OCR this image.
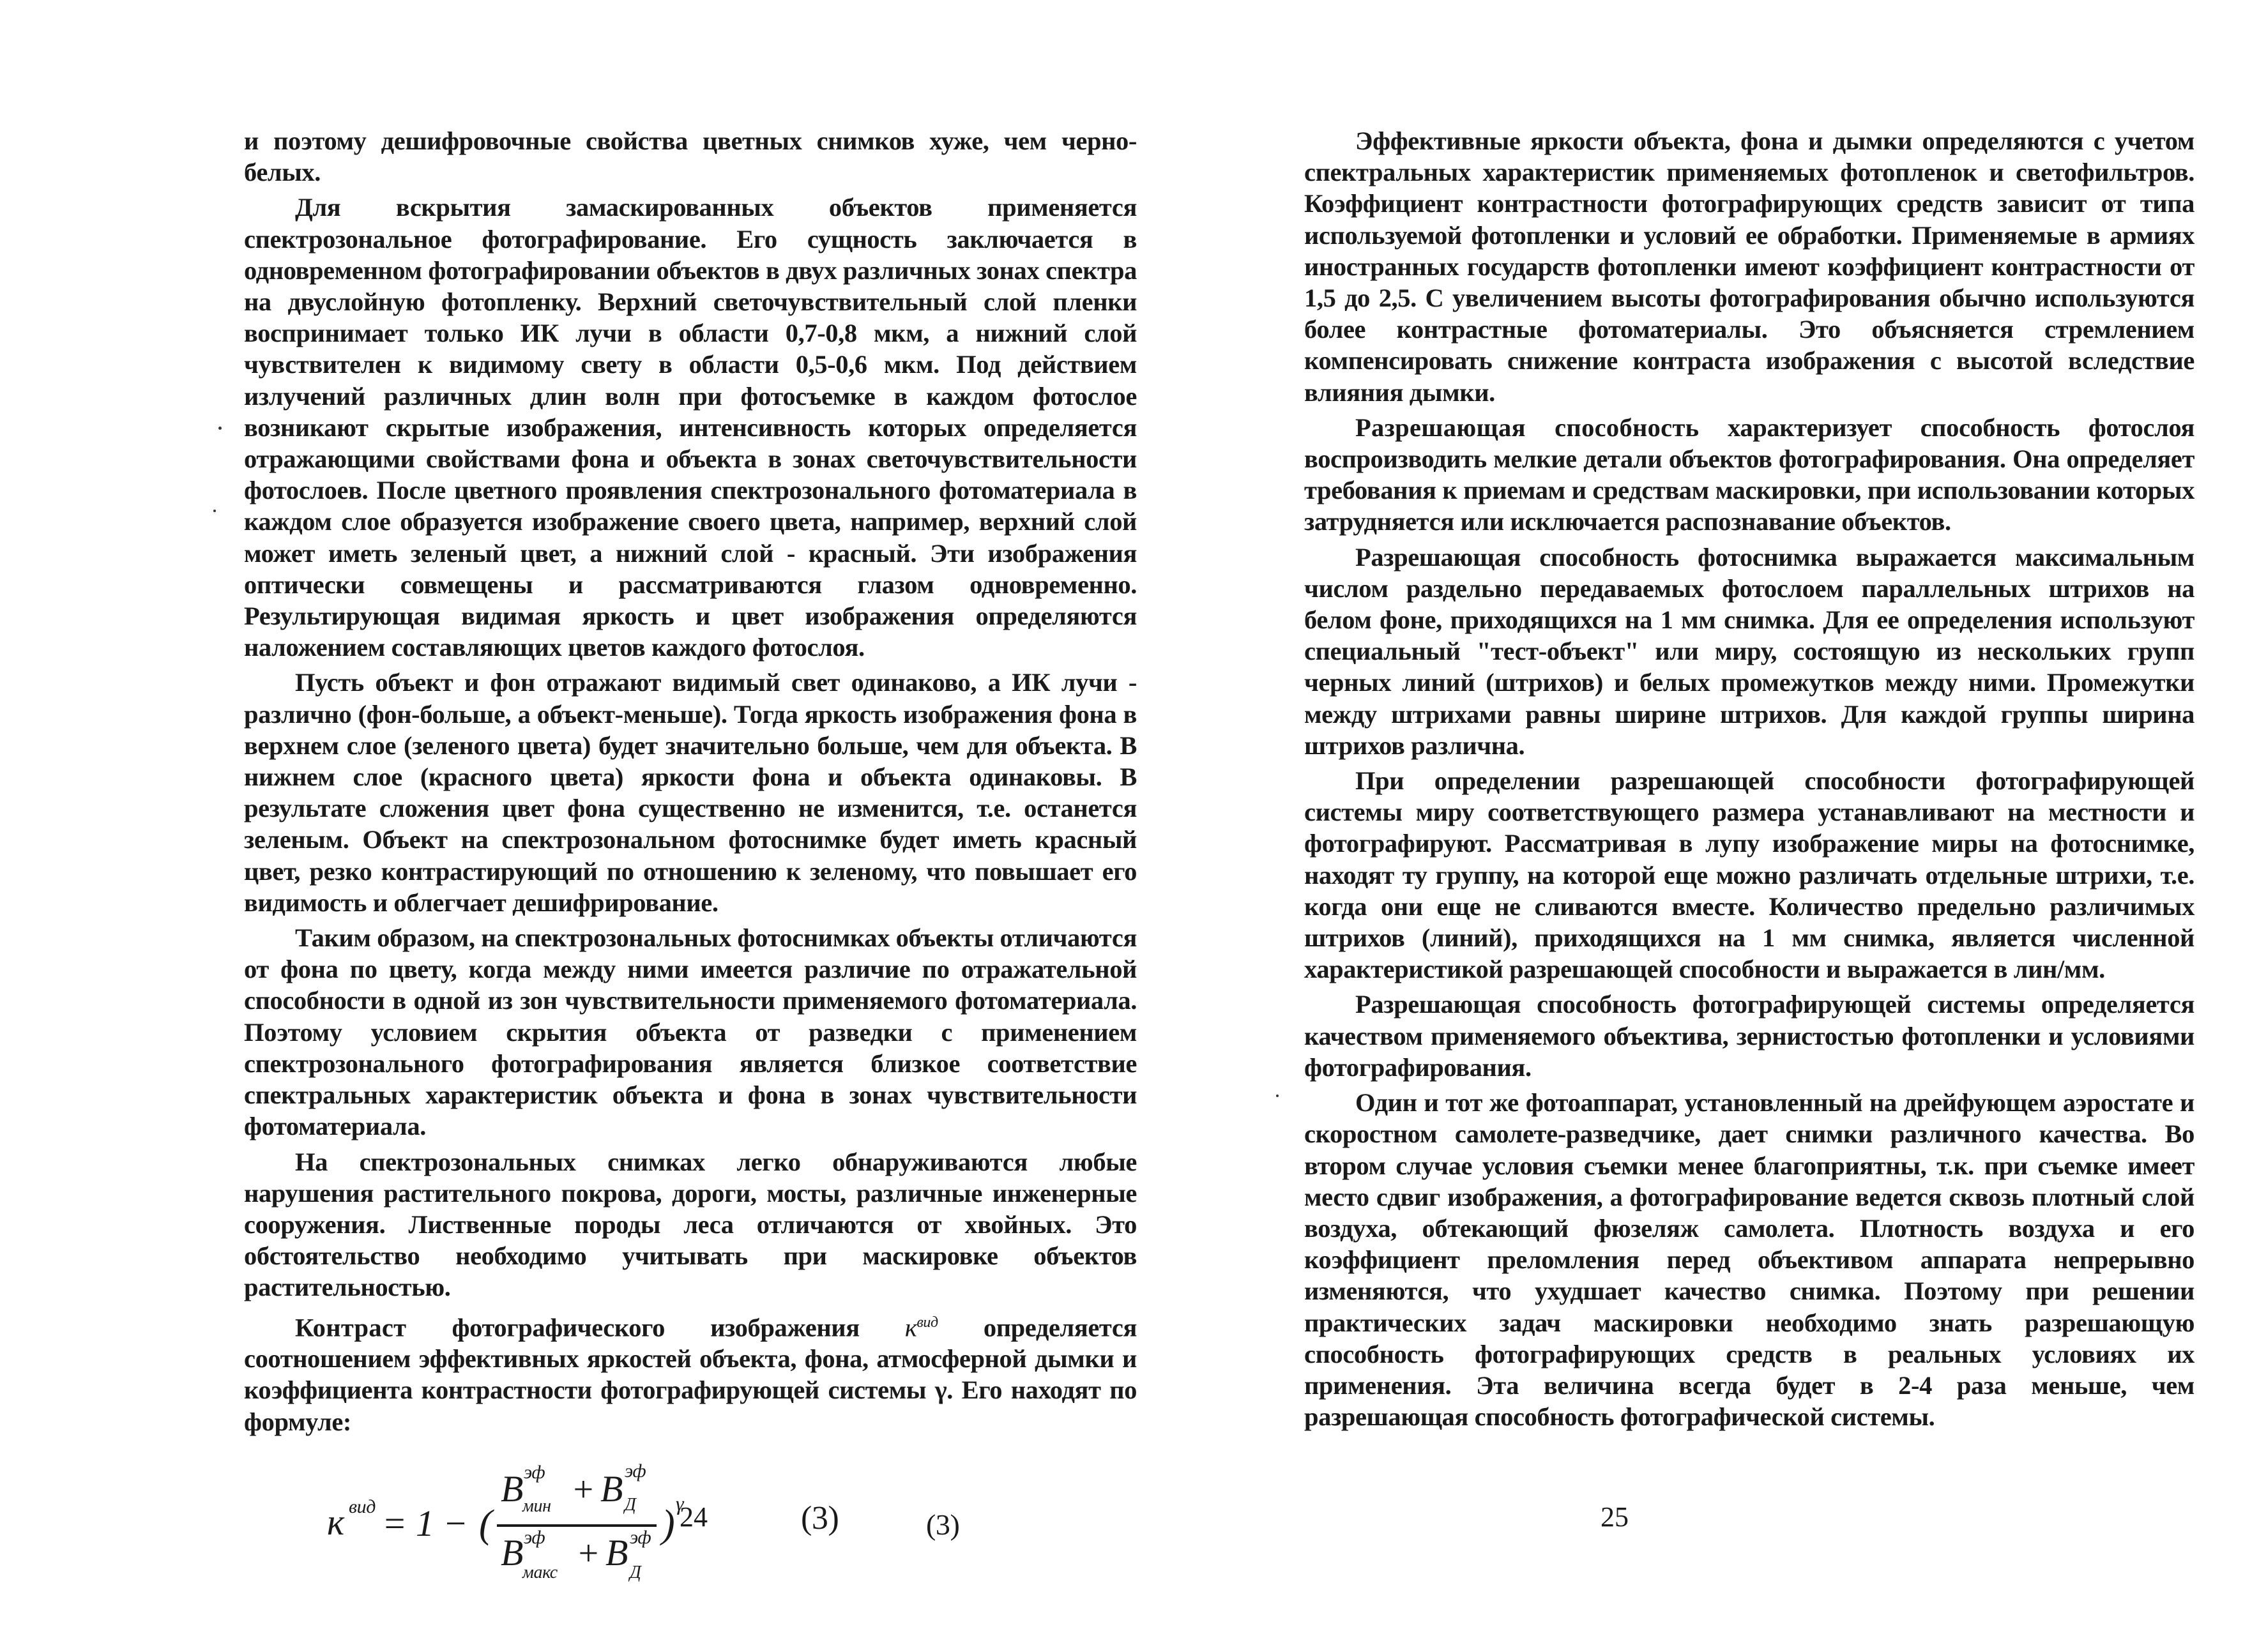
и поэтому дешифровочные свойства цветных снимков хуже, чем черно-белых.

Для вскрытия замаскированных объектов применяется спектрозональное фотографирование. Его сущность заключается в одновременном фотографировании объектов в двух различных зонах спектра на двуслойную фотопленку. Верхний светочувствительный слой пленки воспринимает только ИК лучи в области 0,7-0,8 мкм, а нижний слой чувствителен к видимому свету в области 0,5-0,6 мкм. Под действием излучений различных длин волн при фотосъемке в каждом фотослое возникают скрытые изображения, интенсивность которых определяется отражающими свойствами фона и объекта в зонах светочувствительности фотослоев. После цветного проявления спектрозонального фотоматериала в каждом слое образуется изображение своего цвета, например, верхний слой может иметь зеленый цвет, а нижний слой - красный. Эти изображения оптически совмещены и рассматриваются глазом одновременно. Результирующая видимая яркость и цвет изображения определяются наложением составляющих цветов каждого фотослоя.

Пусть объект и фон отражают видимый свет одинаково, а ИК лучи - различно (фон-больше, а объект-меньше). Тогда яркость изображения фона в верхнем слое (зеленого цвета) будет значительно больше, чем для объекта. В нижнем слое (красного цвета) яркости фона и объекта одинаковы. В результате сложения цвет фона существенно не изменится, т.е. останется зеленым. Объект на спектрозональном фотоснимке будет иметь красный цвет, резко контрастирующий по отношению к зеленому, что повышает его видимость и облегчает дешифрирование.

Таким образом, на спектрозональных фотоснимках объекты отличаются от фона по цвету, когда между ними имеется различие по отражательной способности в одной из зон чувствительности применяемого фотоматериала. Поэтому условием скрытия объекта от разведки с применением спектрозонального фотографирования является близкое соответствие спектральных характеристик объекта и фона в зонах чувствительности фотоматериала.

На спектрозональных снимках легко обнаруживаются любые нарушения растительного покрова, дороги, мосты, различные инженерные сооружения. Лиственные породы леса отличаются от хвойных. Это обстоятельство необходимо учитывать при маскировке объектов растительностью.

Контраст фотографического изображения $к^{вид}$ определяется соотношением эффективных яркостей объекта, фона, атмосферной дымки и коэффициента контрастности фотографирующей системы γ. Его находят по формуле:

к вид = 1 − (
B эф
мин + B эф
Д
B эф
макс + B эф
Д
) γ	(3)	(3)
24

Эффективные яркости объекта, фона и дымки определяются с учетом спектральных характеристик применяемых фотопленок и светофильтров. Коэффициент контрастности фотографирующих средств зависит от типа используемой фотопленки и условий ее обработки. Применяемые в армиях иностранных государств фотопленки имеют коэффициент контрастности от 1,5 до 2,5. С увеличением высоты фотографирования обычно используются более контрастные фотоматериалы. Это объясняется стремлением компенсировать снижение контраста изображения с высотой вследствие влияния дымки.

Разрешающая способность характеризует способность фотослоя воспроизводить мелкие детали объектов фотографирования. Она определяет требования к приемам и средствам маскировки, при использовании которых затрудняется или исключается распознавание объектов.

Разрешающая способность фотоснимка выражается максимальным числом раздельно передаваемых фотослоем параллельных штрихов на белом фоне, приходящихся на 1 мм снимка. Для ее определения используют специальный "тест-объект" или миру, состоящую из нескольких групп черных линий (штрихов) и белых промежутков между ними. Промежутки между штрихами равны ширине штрихов. Для каждой группы ширина штрихов различна.

При определении разрешающей способности фотографирующей системы миру соответствующего размера устанавливают на местности и фотографируют. Рассматривая в лупу изображение миры на фотоснимке, находят ту группу, на которой еще можно различать отдельные штрихи, т.е. когда они еще не сливаются вместе. Количество предельно различимых штрихов (линий), приходящихся на 1 мм снимка, является численной характеристикой разрешающей способности и выражается в лин/мм.

Разрешающая способность фотографирующей системы определяется качеством применяемого объектива, зернистостью фотопленки и условиями фотографирования.

Один и тот же фотоаппарат, установленный на дрейфующем аэростате и скоростном самолете-разведчике, дает снимки различного качества. Во втором случае условия съемки менее благоприятны, т.к. при съемке имеет место сдвиг изображения, а фотографирование ведется сквозь плотный слой воздуха, обтекающий фюзеляж самолета. Плотность воздуха и его коэффициент преломления перед объективом аппарата непрерывно изменяются, что ухудшает качество снимка. Поэтому при решении практических задач маскировки необходимо знать разрешающую способность фотографирующих средств в реальных условиях их применения. Эта величина всегда будет в 2-4 раза меньше, чем разрешающая способность фотографической системы.

25
